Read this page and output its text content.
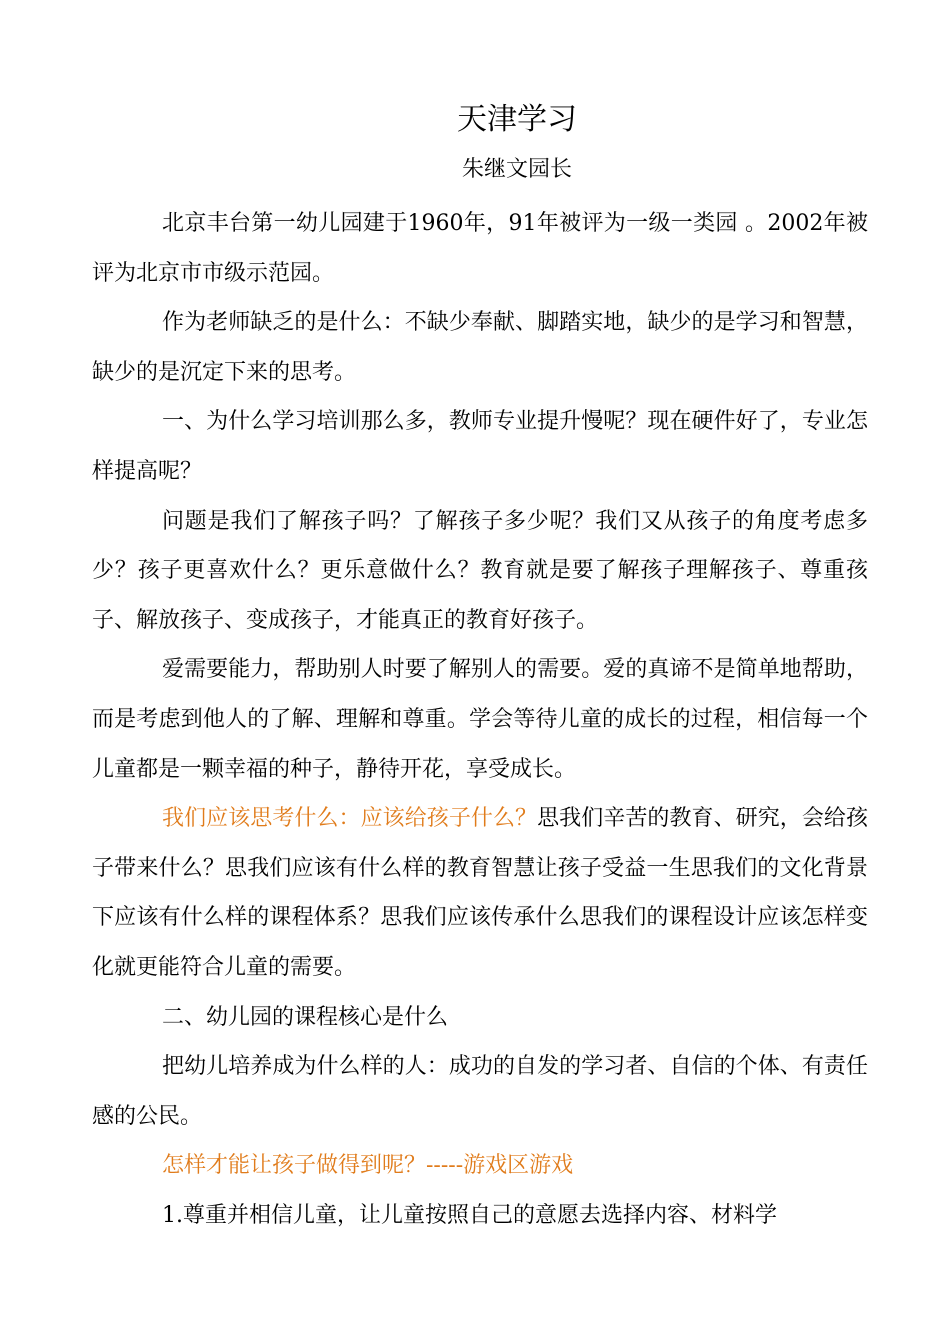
天津学习
朱继文园长

北京丰台第一幼儿园建于1960年，91年被评为一级一类园 。2002年被评为北京市市级示范园。

作为老师缺乏的是什么：不缺少奉献、脚踏实地，缺少的是学习和智慧，缺少的是沉定下来的思考。

一、为什么学习培训那么多，教师专业提升慢呢？现在硬件好了，专业怎样提高呢？

问题是我们了解孩子吗？了解孩子多少呢？我们又从孩子的角度考虑多少？孩子更喜欢什么？更乐意做什么？教育就是要了解孩子理解孩子、尊重孩子、解放孩子、变成孩子，才能真正的教育好孩子。

爱需要能力，帮助别人时要了解别人的需要。爱的真谛不是简单地帮助，而是考虑到他人的了解、理解和尊重。学会等待儿童的成长的过程，相信每一个儿童都是一颗幸福的种子，静待开花，享受成长。

我们应该思考什么：应该给孩子什么？思我们辛苦的教育、研究，会给孩子带来什么？思我们应该有什么样的教育智慧让孩子受益一生思我们的文化背景下应该有什么样的课程体系？思我们应该传承什么思我们的课程设计应该怎样变化就更能符合儿童的需要。

二、幼儿园的课程核心是什么

把幼儿培养成为什么样的人：成功的自发的学习者、自信的个体、有责任感的公民。

怎样才能让孩子做得到呢？-----游戏区游戏

1.尊重并相信儿童，让儿童按照自己的意愿去选择内容、材料学
